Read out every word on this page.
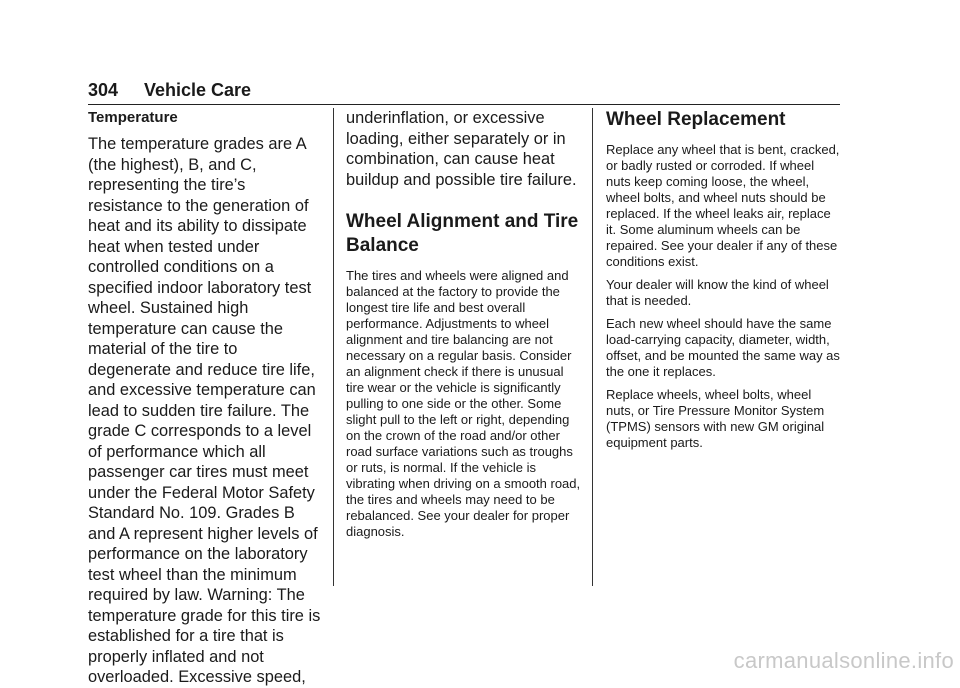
304 Vehicle Care

Temperature

The temperature grades are A (the highest), B, and C, representing the tire’s resistance to the generation of heat and its ability to dissipate heat when tested under controlled conditions on a specified indoor laboratory test wheel. Sustained high temperature can cause the material of the tire to degenerate and reduce tire life, and excessive temperature can lead to sudden tire failure. The grade C corresponds to a level of performance which all passenger car tires must meet under the Federal Motor Safety Standard No. 109. Grades B and A represent higher levels of performance on the laboratory test wheel than the minimum required by law. Warning: The temperature grade for this tire is established for a tire that is properly inflated and not overloaded. Excessive speed,

underinflation, or excessive loading, either separately or in combination, can cause heat buildup and possible tire failure.

Wheel Alignment and Tire Balance

The tires and wheels were aligned and balanced at the factory to provide the longest tire life and best overall performance. Adjustments to wheel alignment and tire balancing are not necessary on a regular basis. Consider an alignment check if there is unusual tire wear or the vehicle is significantly pulling to one side or the other. Some slight pull to the left or right, depending on the crown of the road and/or other road surface variations such as troughs or ruts, is normal. If the vehicle is vibrating when driving on a smooth road, the tires and wheels may need to be rebalanced. See your dealer for proper diagnosis.

Wheel Replacement

Replace any wheel that is bent, cracked, or badly rusted or corroded. If wheel nuts keep coming loose, the wheel, wheel bolts, and wheel nuts should be replaced. If the wheel leaks air, replace it. Some aluminum wheels can be repaired. See your dealer if any of these conditions exist.

Your dealer will know the kind of wheel that is needed.

Each new wheel should have the same load-carrying capacity, diameter, width, offset, and be mounted the same way as the one it replaces.

Replace wheels, wheel bolts, wheel nuts, or Tire Pressure Monitor System (TPMS) sensors with new GM original equipment parts.

carmanualsonline.info
